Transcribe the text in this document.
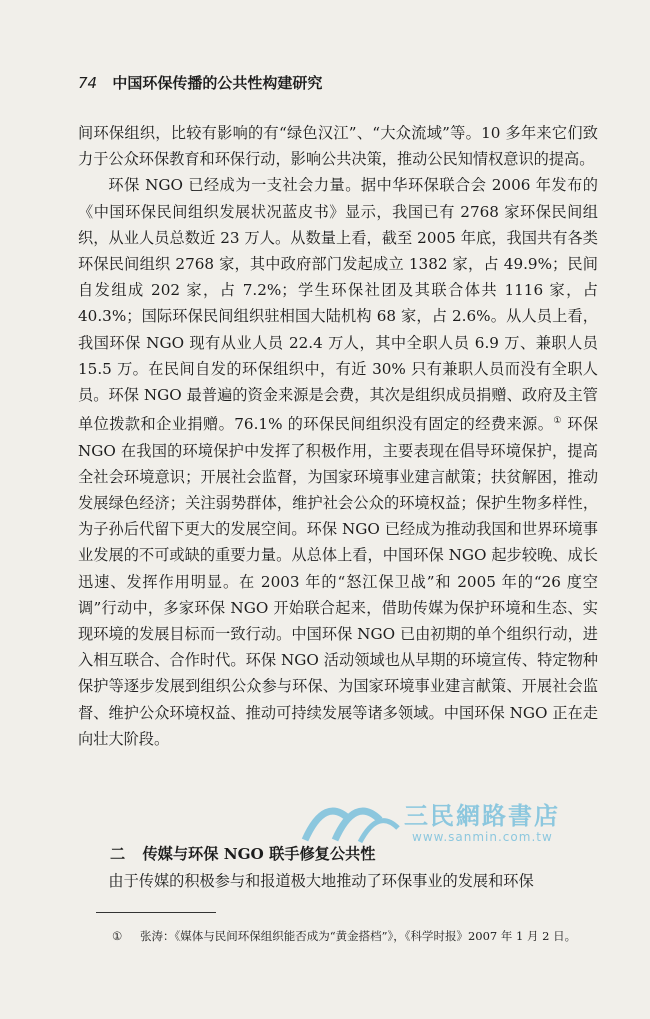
74 中国环保传播的公共性构建研究

间环保组织，比较有影响的有“绿色汉江”、“大众流域”等。10 多年来它们致力于公众环保教育和环保行动，影响公共决策，推动公民知情权意识的提高。

环保 NGO 已经成为一支社会力量。据中华环保联合会 2006 年发布的《中国环保民间组织发展状况蓝皮书》显示，我国已有 2768 家环保民间组织，从业人员总数近 23 万人。从数量上看，截至 2005 年底，我国共有各类环保民间组织 2768 家，其中政府部门发起成立 1382 家，占 49.9%；民间自发组成 202 家，占 7.2%；学生环保社团及其联合体共 1116 家，占 40.3%；国际环保民间组织驻相国大陆机构 68 家，占 2.6%。从人员上看，我国环保 NGO 现有从业人员 22.4 万人，其中全职人员 6.9 万、兼职人员 15.5 万。在民间自发的环保组织中，有近 30% 只有兼职人员而没有全职人员。环保 NGO 最普遍的资金来源是会费，其次是组织成员捐赠、政府及主管单位拨款和企业捐赠。76.1% 的环保民间组织没有固定的经费来源。① 环保 NGO 在我国的环境保护中发挥了积极作用，主要表现在倡导环境保护，提高全社会环境意识；开展社会监督，为国家环境事业建言献策；扶贫解困，推动发展绿色经济；关注弱势群体，维护社会公众的环境权益；保护生物多样性，为子孙后代留下更大的发展空间。环保 NGO 已经成为推动我国和世界环境事业发展的不可或缺的重要力量。从总体上看，中国环保 NGO 起步较晚、成长迅速、发挥作用明显。在 2003 年的“怒江保卫战”和 2005 年的“26 度空调”行动中，多家环保 NGO 开始联合起来，借助传媒为保护环境和生态、实现环境的发展目标而一致行动。中国环保 NGO 已由初期的单个组织行动，进入相互联合、合作时代。环保 NGO 活动领域也从早期的环境宣传、特定物种保护等逐步发展到组织公众参与环保、为国家环境事业建言献策、开展社会监督、维护公众环境权益、推动可持续发展等诸多领域。中国环保 NGO 正在走向壮大阶段。

二 传媒与环保 NGO 联手修复公共性
由于传媒的积极参与和报道极大地推动了环保事业的发展和环保
① 张涛：《媒体与民间环保组织能否成为“黄金搭档”》，《科学时报》2007 年 1 月 2 日。
三民網路書店
www.sanmin.com.tw
